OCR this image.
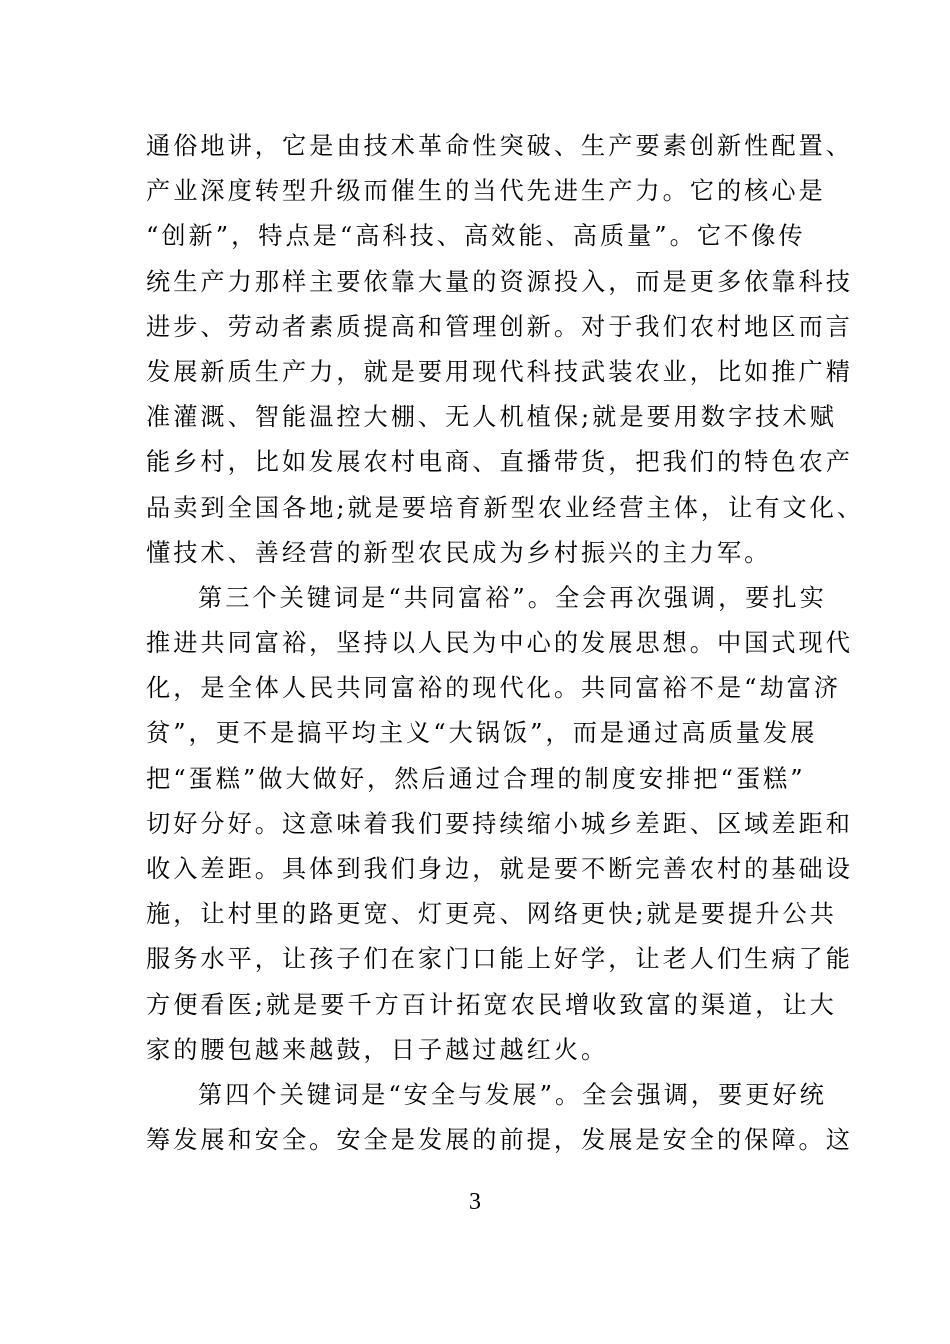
通俗地讲，它是由技术革命性突破、生产要素创新性配置、
产业深度转型升级而催生的当代先进生产力。它的核心是
“创新”，特点是“高科技、高效能、高质量”。它不像传
统生产力那样主要依靠大量的资源投入，而是更多依靠科技
进步、劳动者素质提高和管理创新。对于我们农村地区而言
发展新质生产力，就是要用现代科技武装农业，比如推广精
准灌溉、智能温控大棚、无人机植保;就是要用数字技术赋
能乡村，比如发展农村电商、直播带货，把我们的特色农产
品卖到全国各地;就是要培育新型农业经营主体，让有文化、
懂技术、善经营的新型农民成为乡村振兴的主力军。
第三个关键词是“共同富裕”。全会再次强调，要扎实
推进共同富裕，坚持以人民为中心的发展思想。中国式现代
化，是全体人民共同富裕的现代化。共同富裕不是“劫富济
贫”，更不是搞平均主义“大锅饭”，而是通过高质量发展
把“蛋糕”做大做好，然后通过合理的制度安排把“蛋糕”
切好分好。这意味着我们要持续缩小城乡差距、区域差距和
收入差距。具体到我们身边，就是要不断完善农村的基础设
施，让村里的路更宽、灯更亮、网络更快;就是要提升公共
服务水平，让孩子们在家门口能上好学，让老人们生病了能
方便看医;就是要千方百计拓宽农民增收致富的渠道，让大
家的腰包越来越鼓，日子越过越红火。
第四个关键词是“安全与发展”。全会强调，要更好统
筹发展和安全。安全是发展的前提，发展是安全的保障。这
3
